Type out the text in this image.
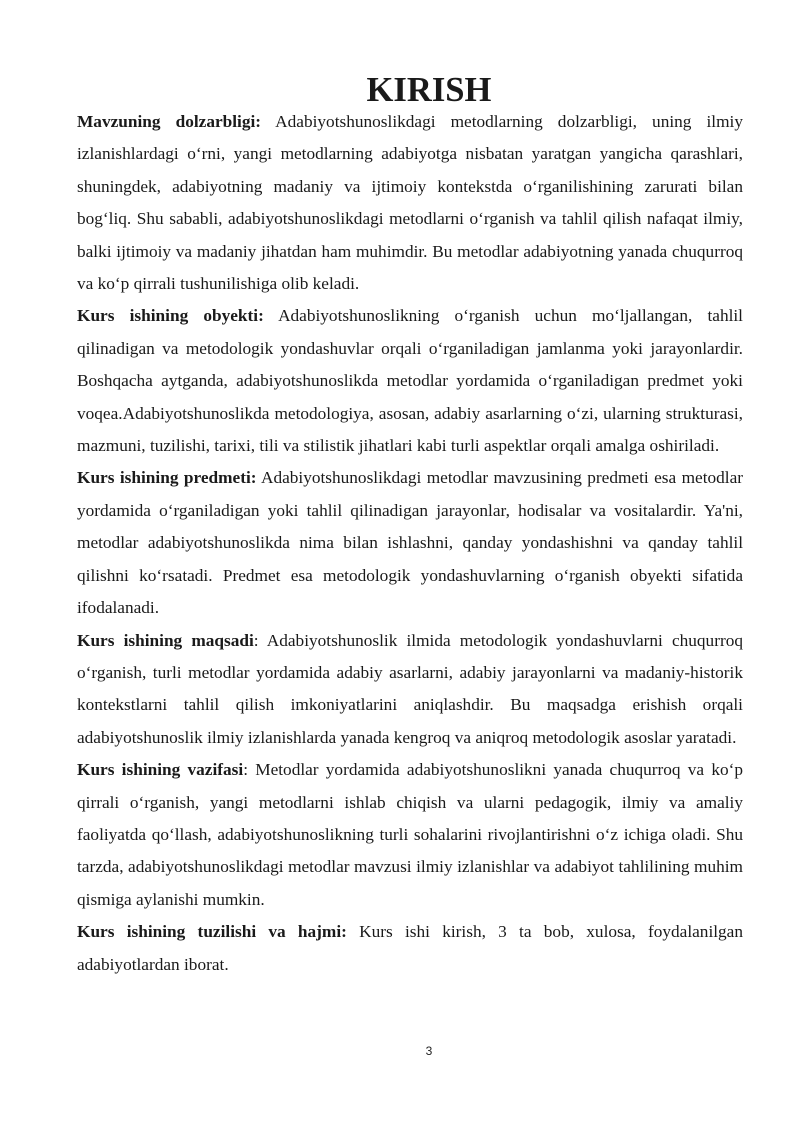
KIRISH

Mavzuning dolzarbligi: Adabiyotshunoslikdagi metodlarning dolzarbligi, uning ilmiy izlanishlardagi oʻrni, yangi metodlarning adabiyotga nisbatan yaratgan yangicha qarashlari, shuningdek, adabiyotning madaniy va ijtimoiy kontekstda oʻrganilishining zarurati bilan bogʻliq. Shu sababli, adabiyotshunoslikdagi metodlarni oʻrganish va tahlil qilish nafaqat ilmiy, balki ijtimoiy va madaniy jihatdan ham muhimdir. Bu metodlar adabiyotning yanada chuqurroq va koʻp qirrali tushunilishiga olib keladi.

Kurs ishining obyekti: Adabiyotshunoslikning oʻrganish uchun moʻljallangan, tahlil qilinadigan va metodologik yondashuvlar orqali oʻrganiladigan jamlanma yoki jarayonlardir. Boshqacha aytganda, adabiyotshunoslikda metodlar yordamida oʻrganiladigan predmet yoki voqea.Adabiyotshunoslikda metodologiya, asosan, adabiy asarlarning oʻzi, ularning strukturasi, mazmuni, tuzilishi, tarixi, tili va stilistik jihatlari kabi turli aspektlar orqali amalga oshiriladi.

Kurs ishining predmeti: Adabiyotshunoslikdagi metodlar mavzusining predmeti esa metodlar yordamida oʻrganiladigan yoki tahlil qilinadigan jarayonlar, hodisalar va vositalardir. Ya'ni, metodlar adabiyotshunoslikda nima bilan ishlashni, qanday yondashishni va qanday tahlil qilishni koʻrsatadi. Predmet esa metodologik yondashuvlarning oʻrganish obyekti sifatida ifodalanadi.

Kurs ishining maqsadi: Adabiyotshunoslik ilmida metodologik yondashuvlarni chuqurroq oʻrganish, turli metodlar yordamida adabiy asarlarni, adabiy jarayonlarni va madaniy-historik kontekstlarni tahlil qilish imkoniyatlarini aniqlashdir. Bu maqsadga erishish orqali adabiyotshunoslik ilmiy izlanishlarda yanada kengroq va aniqroq metodologik asoslar yaratadi.

Kurs ishining vazifasi: Metodlar yordamida adabiyotshunoslikni yanada chuqurroq va koʻp qirrali oʻrganish, yangi metodlarni ishlab chiqish va ularni pedagogik, ilmiy va amaliy faoliyatda qoʻllash, adabiyotshunoslikning turli sohalarini rivojlantirishni oʻz ichiga oladi. Shu tarzda, adabiyotshunoslikdagi metodlar mavzusi ilmiy izlanishlar va adabiyot tahlilining muhim qismiga aylanishi mumkin.

Kurs ishining tuzilishi va hajmi: Kurs ishi kirish, 3 ta bob, xulosa, foydalanilgan adabiyotlardan iborat.

3
